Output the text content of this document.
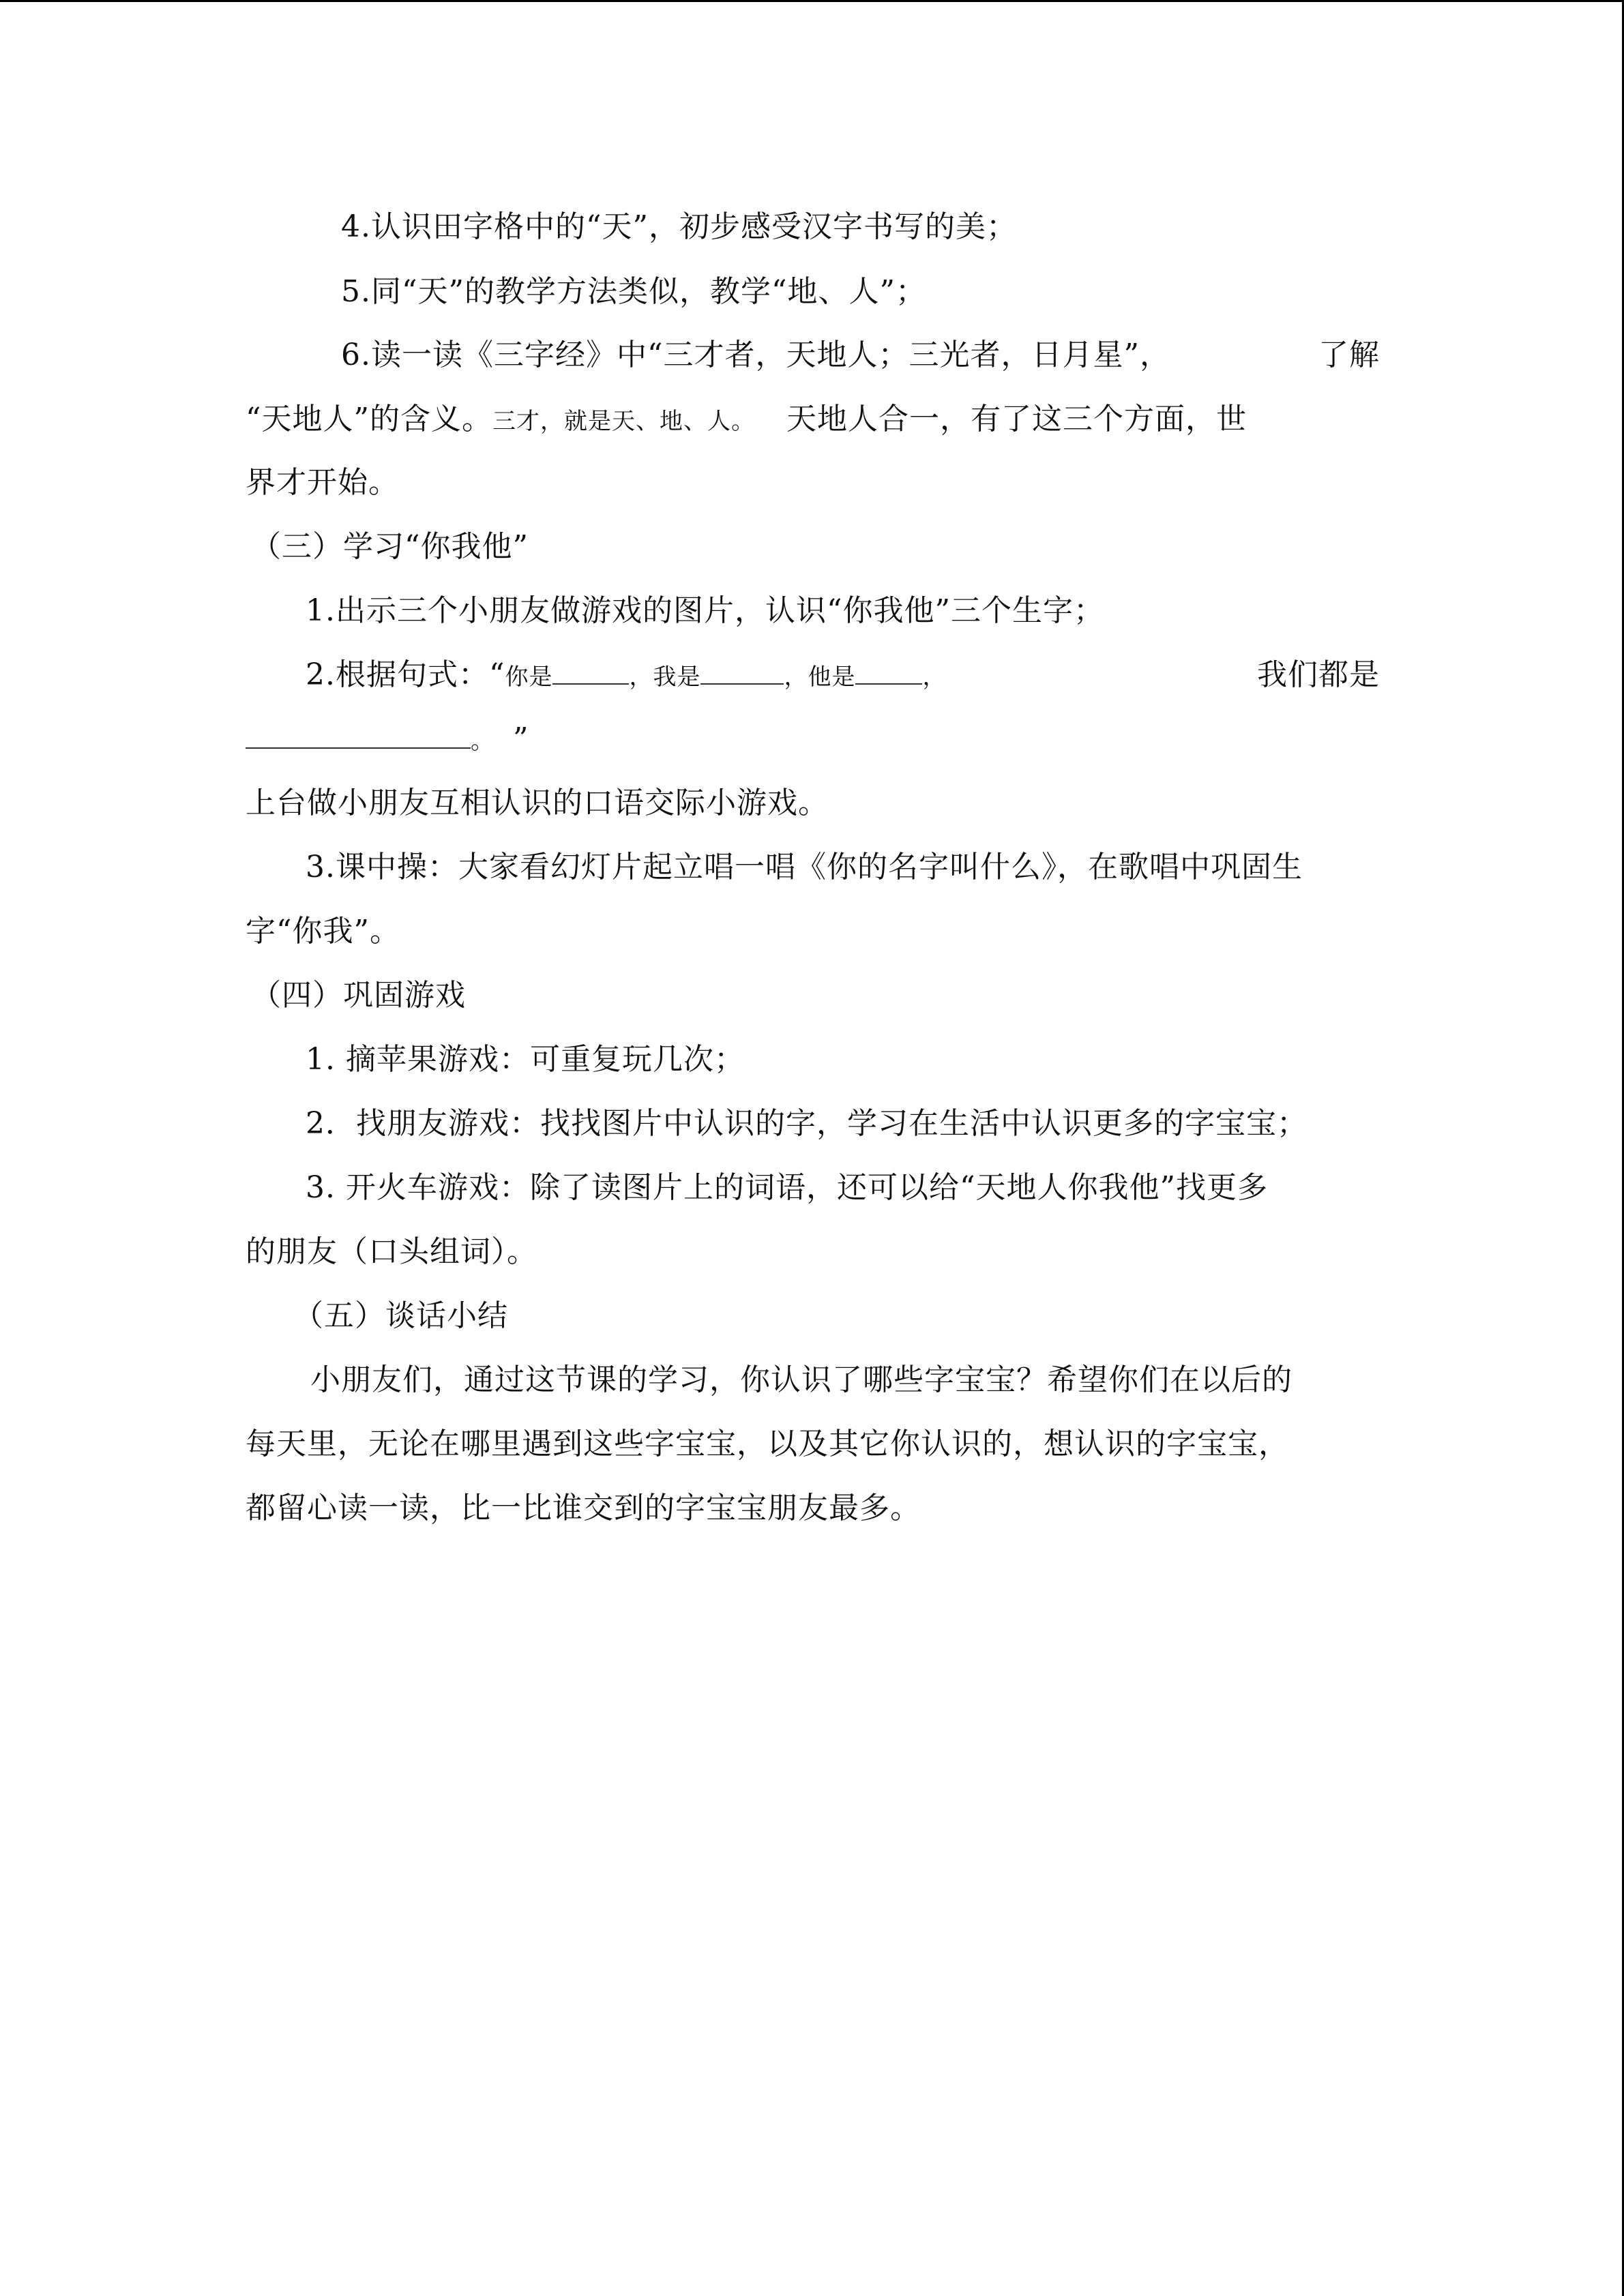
4.认识田字格中的“天”，初步感受汉字书写的美；
5.同“天”的教学方法类似，教学“地、人”；
6.读一读《三字经》中“三才者，天地人；三光者，日月星”，	了解
“天地人”的含义。三才，就是天、地、人。 天地人合一，有了这三个方面，世
界才开始。
（三）学习“你我他”
1.出示三个小朋友做游戏的图片，认识“你我他”三个生字；
2.根据句式：“你是	，我是	，他是	，	我们都是
。 ”
上台做小朋友互相认识的口语交际小游戏。
3.课中操：大家看幻灯片起立唱一唱《你的名字叫什么》，在歌唱中巩固生
字“你我”。
（四）巩固游戏
1. 摘苹果游戏：可重复玩几次；
2．找朋友游戏：找找图片中认识的字，学习在生活中认识更多的字宝宝；
3. 开火车游戏：除了读图片上的词语，还可以给“天地人你我他”找更多
的朋友（口头组词）。
（五）谈话小结
小朋友们，通过这节课的学习，你认识了哪些字宝宝？希望你们在以后的
每天里，无论在哪里遇到这些字宝宝，以及其它你认识的，想认识的字宝宝，
都留心读一读，比一比谁交到的字宝宝朋友最多。
